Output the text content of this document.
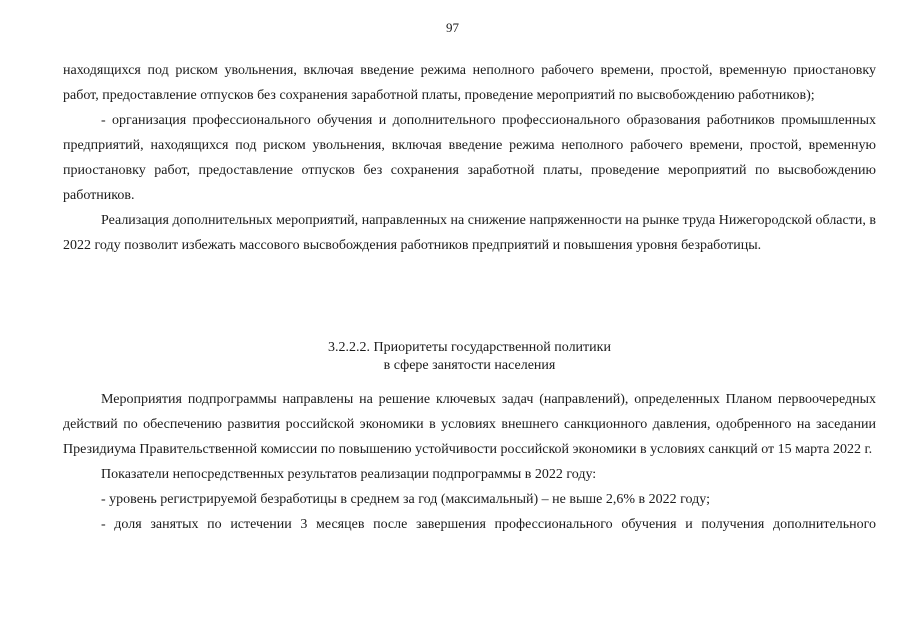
97

находящихся под риском увольнения, включая введение режима неполного рабочего времени, простой, временную приостановку работ, предоставление отпусков без сохранения заработной платы, проведение мероприятий по высвобождению работников);

- организация профессионального обучения и дополнительного профессионального образования работников промышленных предприятий, находящихся под риском увольнения, включая введение режима неполного рабочего времени, простой, временную приостановку работ, предоставление отпусков без сохранения заработной платы, проведение мероприятий по высвобождению работников.

Реализация дополнительных мероприятий, направленных на снижение напряженности на рынке труда Нижегородской области, в 2022 году позволит избежать массового высвобождения работников предприятий и повышения уровня безработицы.

3.2.2.2. Приоритеты государственной политики
в сфере занятости населения

Мероприятия подпрограммы направлены на решение ключевых задач (направлений), определенных Планом первоочередных действий по обеспечению развития российской экономики в условиях внешнего санкционного давления, одобренного на заседании Президиума Правительственной комиссии по повышению устойчивости российской экономики в условиях санкций от 15 марта 2022 г.

Показатели непосредственных результатов реализации подпрограммы в 2022 году:

- уровень регистрируемой безработицы в среднем за год (максимальный) – не выше 2,6% в 2022 году;

- доля занятых по истечении 3 месяцев после завершения профессионального обучения и получения дополнительного
